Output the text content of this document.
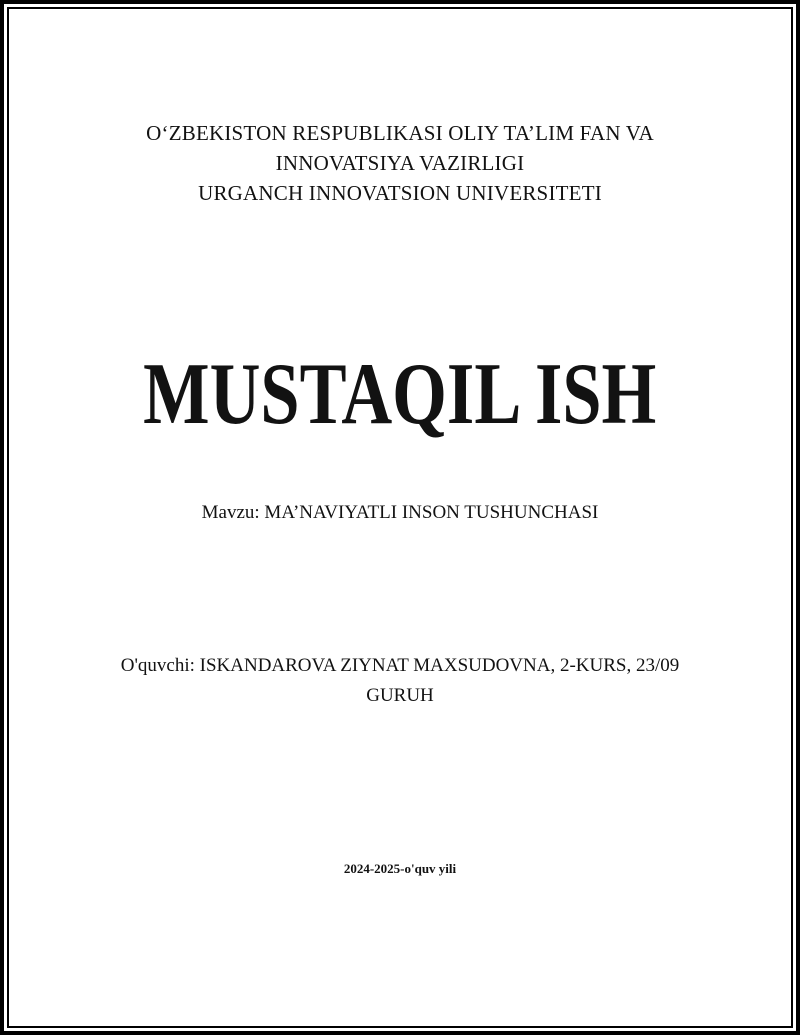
OʻZBEKISTON RESPUBLIKASI OLIY TA’LIM FAN VA
INNOVATSIYA VAZIRLIGI
URGANCH INNOVATSION UNIVERSITETI
MUSTAQIL ISH
Mavzu: MA’NAVIYATLI INSON TUSHUNCHASI
O'quvchi: ISKANDAROVA ZIYNAT MAXSUDOVNA, 2-KURS, 23/09
GURUH
2024-2025-o'quv yili
